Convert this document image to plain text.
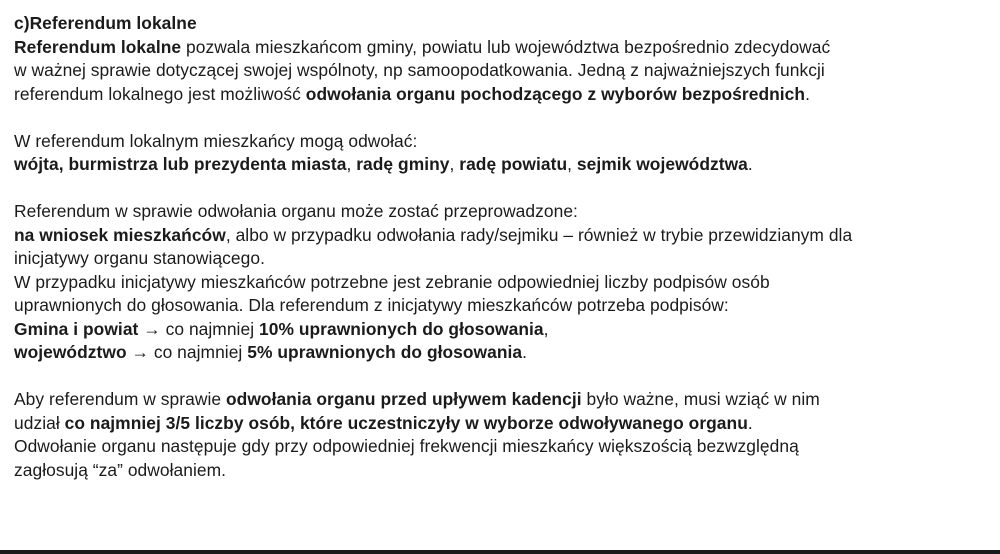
c)Referendum lokalne
Referendum lokalne pozwala mieszkańcom gminy, powiatu lub województwa bezpośrednio zdecydować
w ważnej sprawie dotyczącej swojej wspólnoty, np samoopodatkowania. Jedną z najważniejszych funkcji
referendum lokalnego jest możliwość odwołania organu pochodzącego z wyborów bezpośrednich.
W referendum lokalnym mieszkańcy mogą odwołać:
wójta, burmistrza lub prezydenta miasta, radę gminy, radę powiatu, sejmik województwa.
Referendum w sprawie odwołania organu może zostać przeprowadzone:
na wniosek mieszkańców, albo w przypadku odwołania rady/sejmiku – również w trybie przewidzianym dla
inicjatywy organu stanowiącego.
W przypadku inicjatywy mieszkańców potrzebne jest zebranie odpowiedniej liczby podpisów osób
uprawnionych do głosowania. Dla referendum z inicjatywy mieszkańców potrzeba podpisów:
Gmina i powiat → co najmniej 10% uprawnionych do głosowania,
województwo → co najmniej 5% uprawnionych do głosowania.
Aby referendum w sprawie odwołania organu przed upływem kadencji było ważne, musi wziąć w nim
udział co najmniej 3/5 liczby osób, które uczestniczyły w wyborze odwoływanego organu.
Odwołanie organu następuje gdy przy odpowiedniej frekwencji mieszkańcy większością bezwzględną
zagłosują “za” odwołaniem.
